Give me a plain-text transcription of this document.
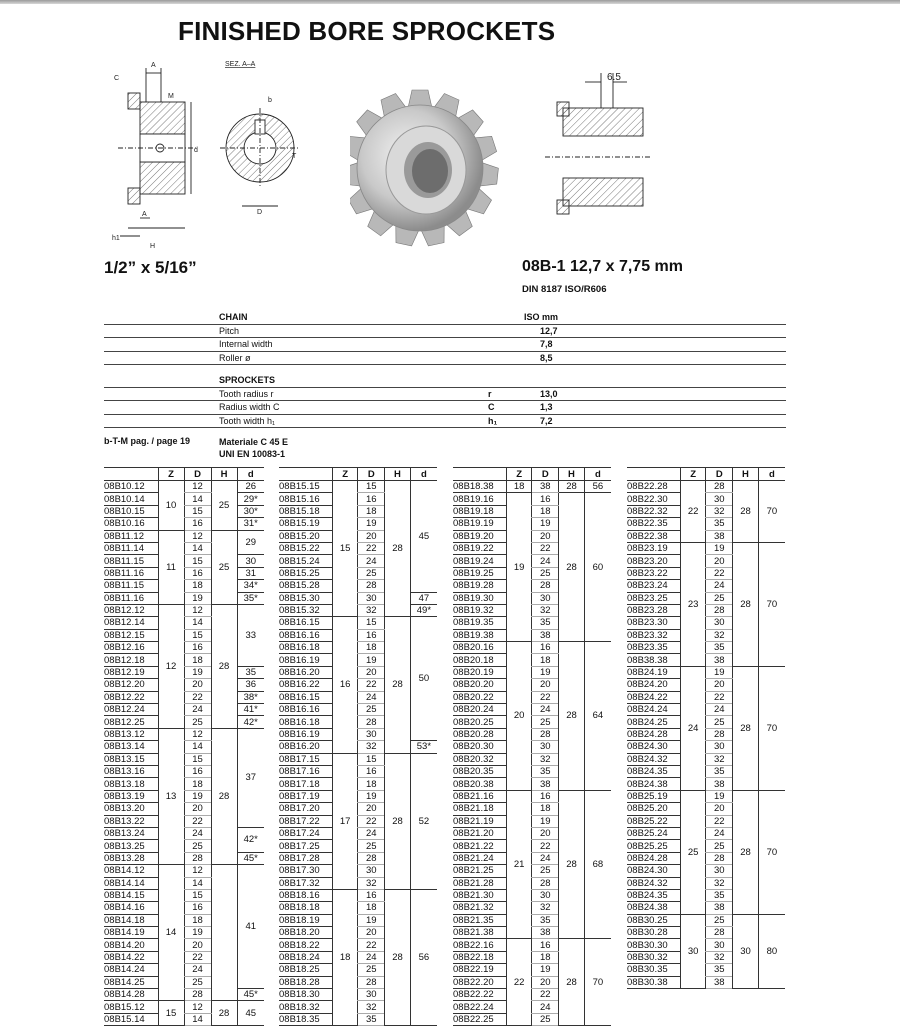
FINISHED BORE SPROCKETS
A
C
M
d
A
h1
H
SEZ. A–A
b
T
D
6.5
1/2” x 5/16”	08B-1 12,7 x 7,75 mm
DIN 8187 ISO/R606
CHAIN	ISO mm
Pitch	12,7
Internal width	7,8
Roller ø	8,5
SPROCKETS
Tooth radius r	r	13,0
Radius width C	C	1,3
Tooth width h₁	h₁	7,2
b-T-M pag. / page 19	Materiale C 45 E
UNI EN 10083-1
	Z	D	H	d
08B10.12	10	12	25	26
08B10.14		14		29*
08B10.15		15		30*
08B10.16		16		31*
08B11.12	11	12	25	29
08B11.14		14		
08B11.15		15		30
08B11.16		16		31
08B11.15		18		34*
08B11.16		19		35*
08B12.12	12	12	28	33
08B12.14		14		
08B12.15		15		
08B12.16		16		
08B12.18		18		
08B12.19		19		35
08B12.20		20		36
08B12.22		22		38*
08B12.24		24		41*
08B12.25		25		42*
08B13.12	13	12	28	37
08B13.14		14		
08B13.15		15		
08B13.16		16		
08B13.18		18		
08B13.19		19		
08B13.20		20		
08B13.22		22		
08B13.24		24		42*
08B13.25		25		
08B13.28		28		45*
08B14.12	14	12		41
08B14.14		14		
08B14.15		15		
08B14.16		16		
08B14.18		18		
08B14.19		19		
08B14.20		20		
08B14.22		22		
08B14.24		24		
08B14.25		25		
08B14.28		28		45*
08B15.12	15	12	28	45
08B15.14		14		
	Z	D	H	d
08B15.15	15	15	28	45
08B15.16		16		
08B15.18		18		
08B15.19		19		
08B15.20		20		
08B15.22		22		
08B15.24		24		
08B15.25		25		
08B15.28		28		
08B15.30		30		47
08B15.32		32		49*
08B16.15	16	15	28	50
08B16.16		16		
08B16.18		18		
08B16.19		19		
08B16.20		20		
08B16.22		22		
08B16.15		24		
08B16.16		25		
08B16.18		28		
08B16.19		30		
08B16.20		32		53*
08B17.15	17	15	28	52
08B17.16		16		
08B17.18		18		
08B17.19		19		
08B17.20		20		
08B17.22		22		
08B17.24		24		
08B17.25		25		
08B17.28		28		
08B17.30		30		
08B17.32		32		
08B18.16	18	16	28	56
08B18.18		18		
08B18.19		19		
08B18.20		20		
08B18.22		22		
08B18.24		24		
08B18.25		25		
08B18.28		28		
08B18.30		30		
08B18.32		32		
08B18.35		35		
	Z	D	H	d
08B18.38	18	38	28	56
08B19.16	19	16	28	60
08B19.18		18		
08B19.19		19		
08B19.20		20		
08B19.22		22		
08B19.24		24		
08B19.25		25		
08B19.28		28		
08B19.30		30		
08B19.32		32		
08B19.35		35		
08B19.38		38		
08B20.16	20	16	28	64
08B20.18		18		
08B20.19		19		
08B20.20		20		
08B20.22		22		
08B20.24		24		
08B20.25		25		
08B20.28		28		
08B20.30		30		
08B20.32		32		
08B20.35		35		
08B20.38		38		
08B21.16	21	16	28	68
08B21.18		18		
08B21.19		19		
08B21.20		20		
08B21.22		22		
08B21.24		24		
08B21.25		25		
08B21.28		28		
08B21.30		30		
08B21.32		32		
08B21.35		35		
08B21.38		38		
08B22.16	22	16	28	70
08B22.18		18		
08B22.19		19		
08B22.20		20		
08B22.22		22		
08B22.24		24		
08B22.25		25		
	Z	D	H	d
08B22.28	22	28	28	70
08B22.30		30		
08B22.32		32		
08B22.35		35		
08B22.38		38		
08B23.19	23	19	28	70
08B23.20		20		
08B23.22		22		
08B23.24		24		
08B23.25		25		
08B23.28		28		
08B23.30		30		
08B23.32		32		
08B23.35		35		
08B38.38		38		
08B24.19	24	19	28	70
08B24.20		20		
08B24.22		22		
08B24.24		24		
08B24.25		25		
08B24.28		28		
08B24.30		30		
08B24.32		32		
08B24.35		35		
08B24.38		38		
08B25.19	25	19	28	70
08B25.20		20		
08B25.22		22		
08B25.24		24		
08B25.25		25		
08B24.28		28		
08B24.30		30		
08B24.32		32		
08B24.35		35		
08B24.38		38		
08B30.25	30	25	30	80
08B30.28		28		
08B30.30		30		
08B30.32		32		
08B30.35		35		
08B30.38		38		
